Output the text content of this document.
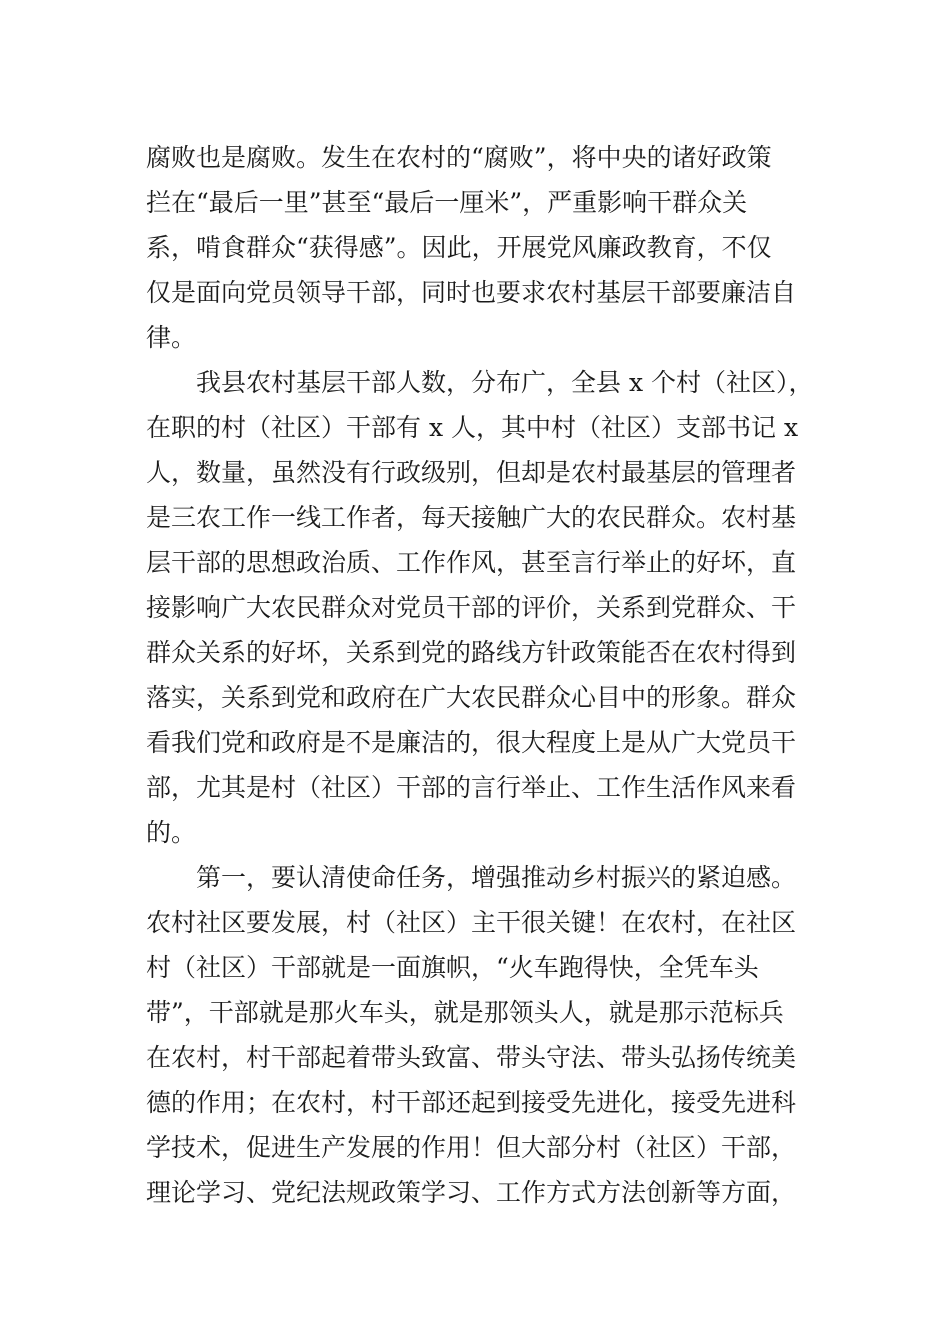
腐败也是腐败。发生在农村的“腐败”，将中央的诸好政策
拦在“最后一里”甚至“最后一厘米”，严重影响干群众关
系，啃食群众“获得感”。因此，开展党风廉政教育，不仅
仅是面向党员领导干部，同时也要求农村基层干部要廉洁自
律。
　　我县农村基层干部人数，分布广，全县 x 个村（社区），
在职的村（社区）干部有 x 人，其中村（社区）支部书记 x
人，数量，虽然没有行政级别，但却是农村最基层的管理者
是三农工作一线工作者，每天接触广大的农民群众。农村基
层干部的思想政治质、工作作风，甚至言行举止的好坏，直
接影响广大农民群众对党员干部的评价，关系到党群众、干
群众关系的好坏，关系到党的路线方针政策能否在农村得到
落实，关系到党和政府在广大农民群众心目中的形象。群众
看我们党和政府是不是廉洁的，很大程度上是从广大党员干
部，尤其是村（社区）干部的言行举止、工作生活作风来看
的。
　　第一，要认清使命任务，增强推动乡村振兴的紧迫感。
农村社区要发展，村（社区）主干很关键！在农村，在社区
村（社区）干部就是一面旗帜，“火车跑得快，全凭车头
带”，干部就是那火车头，就是那领头人，就是那示范标兵
在农村，村干部起着带头致富、带头守法、带头弘扬传统美
德的作用；在农村，村干部还起到接受先进化，接受先进科
学技术，促进生产发展的作用！但大部分村（社区）干部，
理论学习、党纪法规政策学习、工作方式方法创新等方面，
